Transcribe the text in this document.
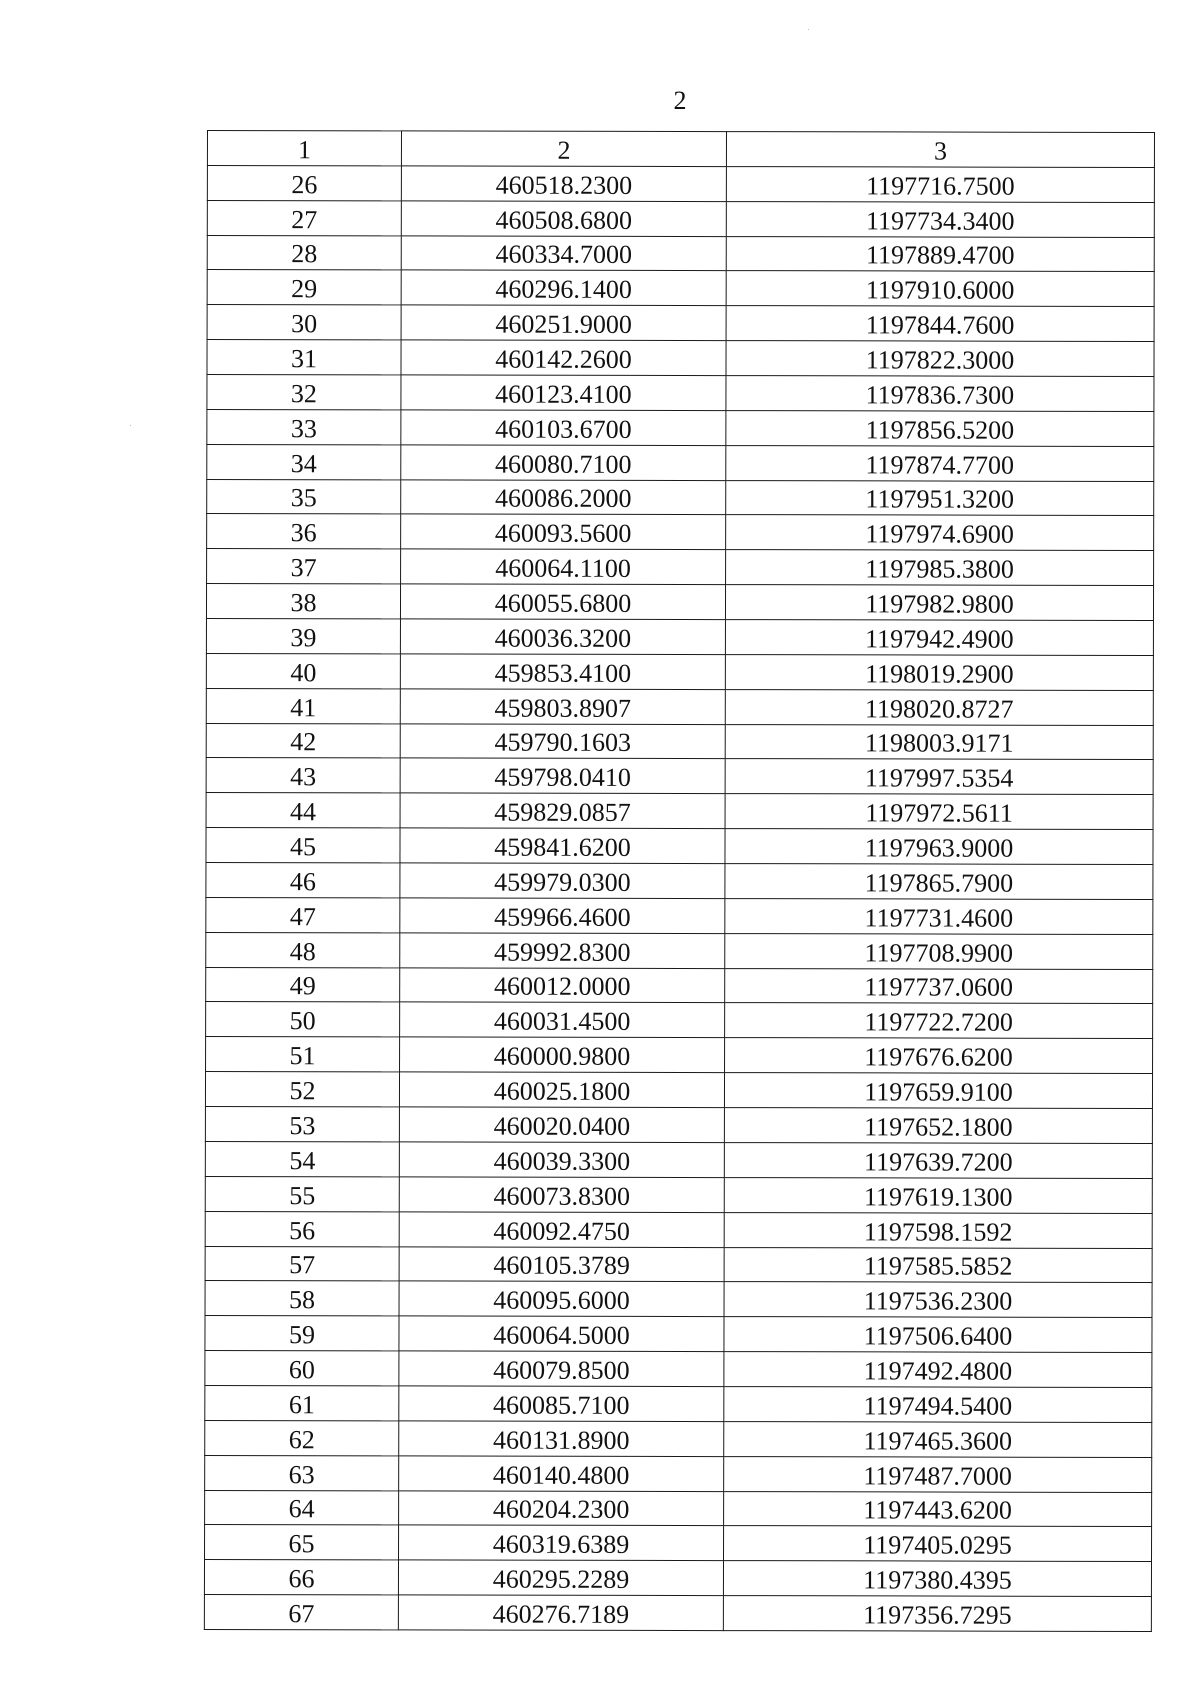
2
1	2	3
26	460518.2300	1197716.7500
27	460508.6800	1197734.3400
28	460334.7000	1197889.4700
29	460296.1400	1197910.6000
30	460251.9000	1197844.7600
31	460142.2600	1197822.3000
32	460123.4100	1197836.7300
33	460103.6700	1197856.5200
34	460080.7100	1197874.7700
35	460086.2000	1197951.3200
36	460093.5600	1197974.6900
37	460064.1100	1197985.3800
38	460055.6800	1197982.9800
39	460036.3200	1197942.4900
40	459853.4100	1198019.2900
41	459803.8907	1198020.8727
42	459790.1603	1198003.9171
43	459798.0410	1197997.5354
44	459829.0857	1197972.5611
45	459841.6200	1197963.9000
46	459979.0300	1197865.7900
47	459966.4600	1197731.4600
48	459992.8300	1197708.9900
49	460012.0000	1197737.0600
50	460031.4500	1197722.7200
51	460000.9800	1197676.6200
52	460025.1800	1197659.9100
53	460020.0400	1197652.1800
54	460039.3300	1197639.7200
55	460073.8300	1197619.1300
56	460092.4750	1197598.1592
57	460105.3789	1197585.5852
58	460095.6000	1197536.2300
59	460064.5000	1197506.6400
60	460079.8500	1197492.4800
61	460085.7100	1197494.5400
62	460131.8900	1197465.3600
63	460140.4800	1197487.7000
64	460204.2300	1197443.6200
65	460319.6389	1197405.0295
66	460295.2289	1197380.4395
67	460276.7189	1197356.7295
